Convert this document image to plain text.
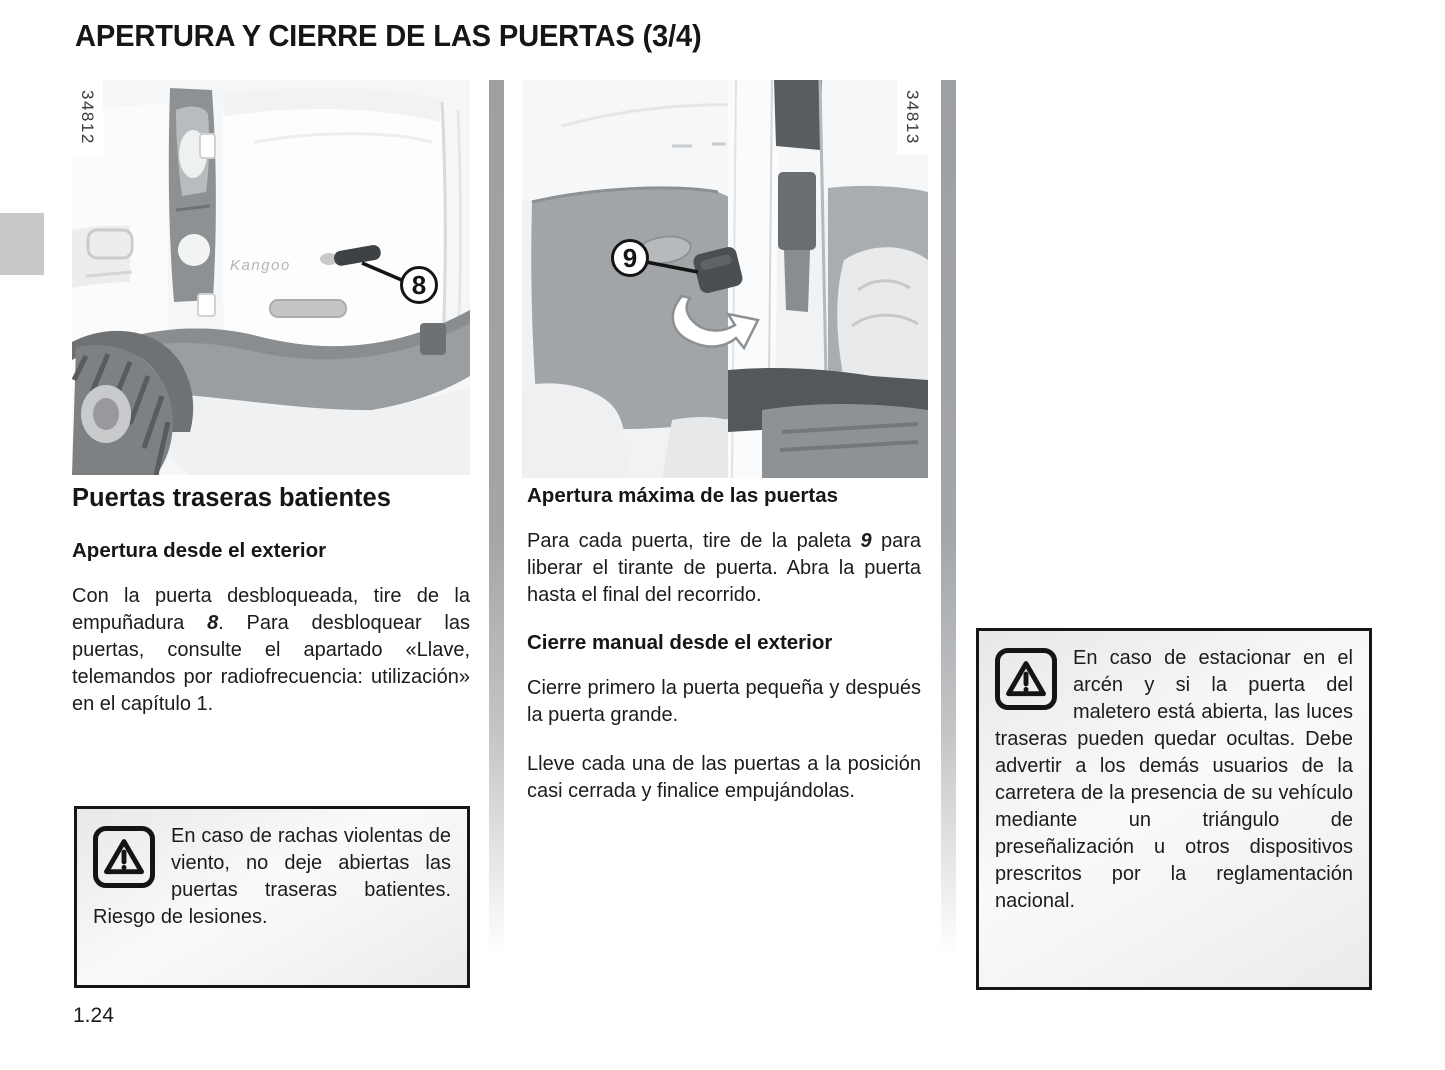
APERTURA Y CIERRE DE LAS PUERTAS (3/4)
Kangoo
8
34812
9
34813
Puertas traseras batientes
Apertura desde el exterior

Con la puerta desbloqueada, tire de la empuñadura 8. Para desbloquear las puertas, consulte el apartado «Llave, telemandos por radiofrecuencia: utilización» en el capítulo 1.

Apertura máxima de las puertas

Para cada puerta, tire de la paleta 9 para liberar el tirante de puerta. Abra la puerta hasta el final del recorrido.

Cierre manual desde el exterior

Cierre primero la puerta pequeña y después la puerta grande.

Lleve cada una de las puertas a la posición casi cerrada y finalice empujándolas.

En caso de rachas violentas de viento, no deje abiertas las puertas traseras batientes. Riesgo de lesiones.
En caso de estacionar en el arcén y si la puerta del maletero está abierta, las luces traseras pueden quedar ocultas. Debe advertir a los demás usuarios de la carretera de la presencia de su vehículo mediante un triángulo de preseñalización u otros dispositivos prescritos por la reglamentación nacional.
1.24
